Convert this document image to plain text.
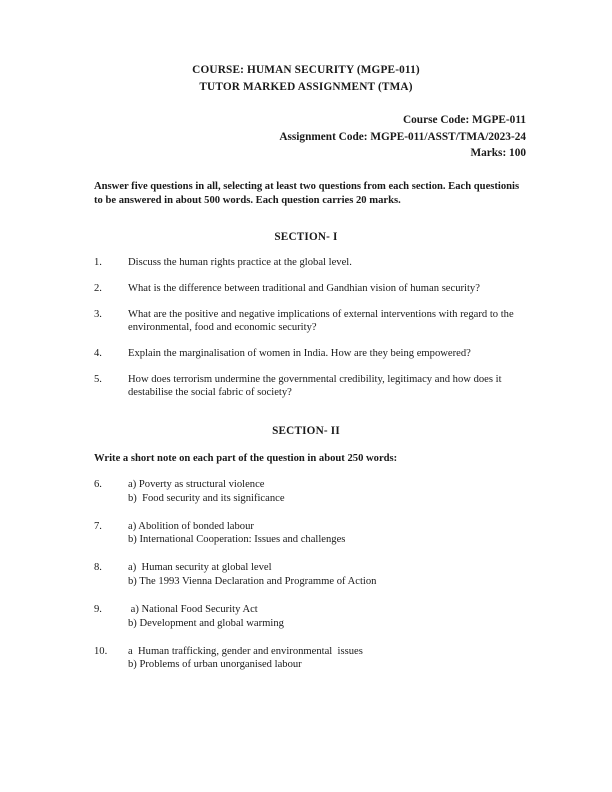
COURSE: HUMAN SECURITY (MGPE-011)
TUTOR MARKED ASSIGNMENT (TMA)
Course Code: MGPE-011
Assignment Code: MGPE-011/ASST/TMA/2023-24
Marks: 100
Answer five questions in all, selecting at least two questions from each section. Each questionis to be answered in about 500 words. Each question carries 20 marks.
SECTION- I
1. Discuss the human rights practice at the global level.
2. What is the difference between traditional and Gandhian vision of human security?
3. What are the positive and negative implications of external interventions with regard to the environmental, food and economic security?
4. Explain the marginalisation of women in India. How are they being empowered?
5. How does terrorism undermine the governmental credibility, legitimacy and how does it destabilise the social fabric of society?
SECTION- II
Write a short note on each part of the question in about 250 words:
6. a) Poverty as structural violence
b)  Food security and its significance
7. a) Abolition of bonded labour
b) International Cooperation: Issues and challenges
8. a)  Human security at global level
b) The 1993 Vienna Declaration and Programme of Action
9. a) National Food Security Act
b) Development and global warming
10. a  Human trafficking, gender and environmental  issues
b) Problems of urban unorganised labour
